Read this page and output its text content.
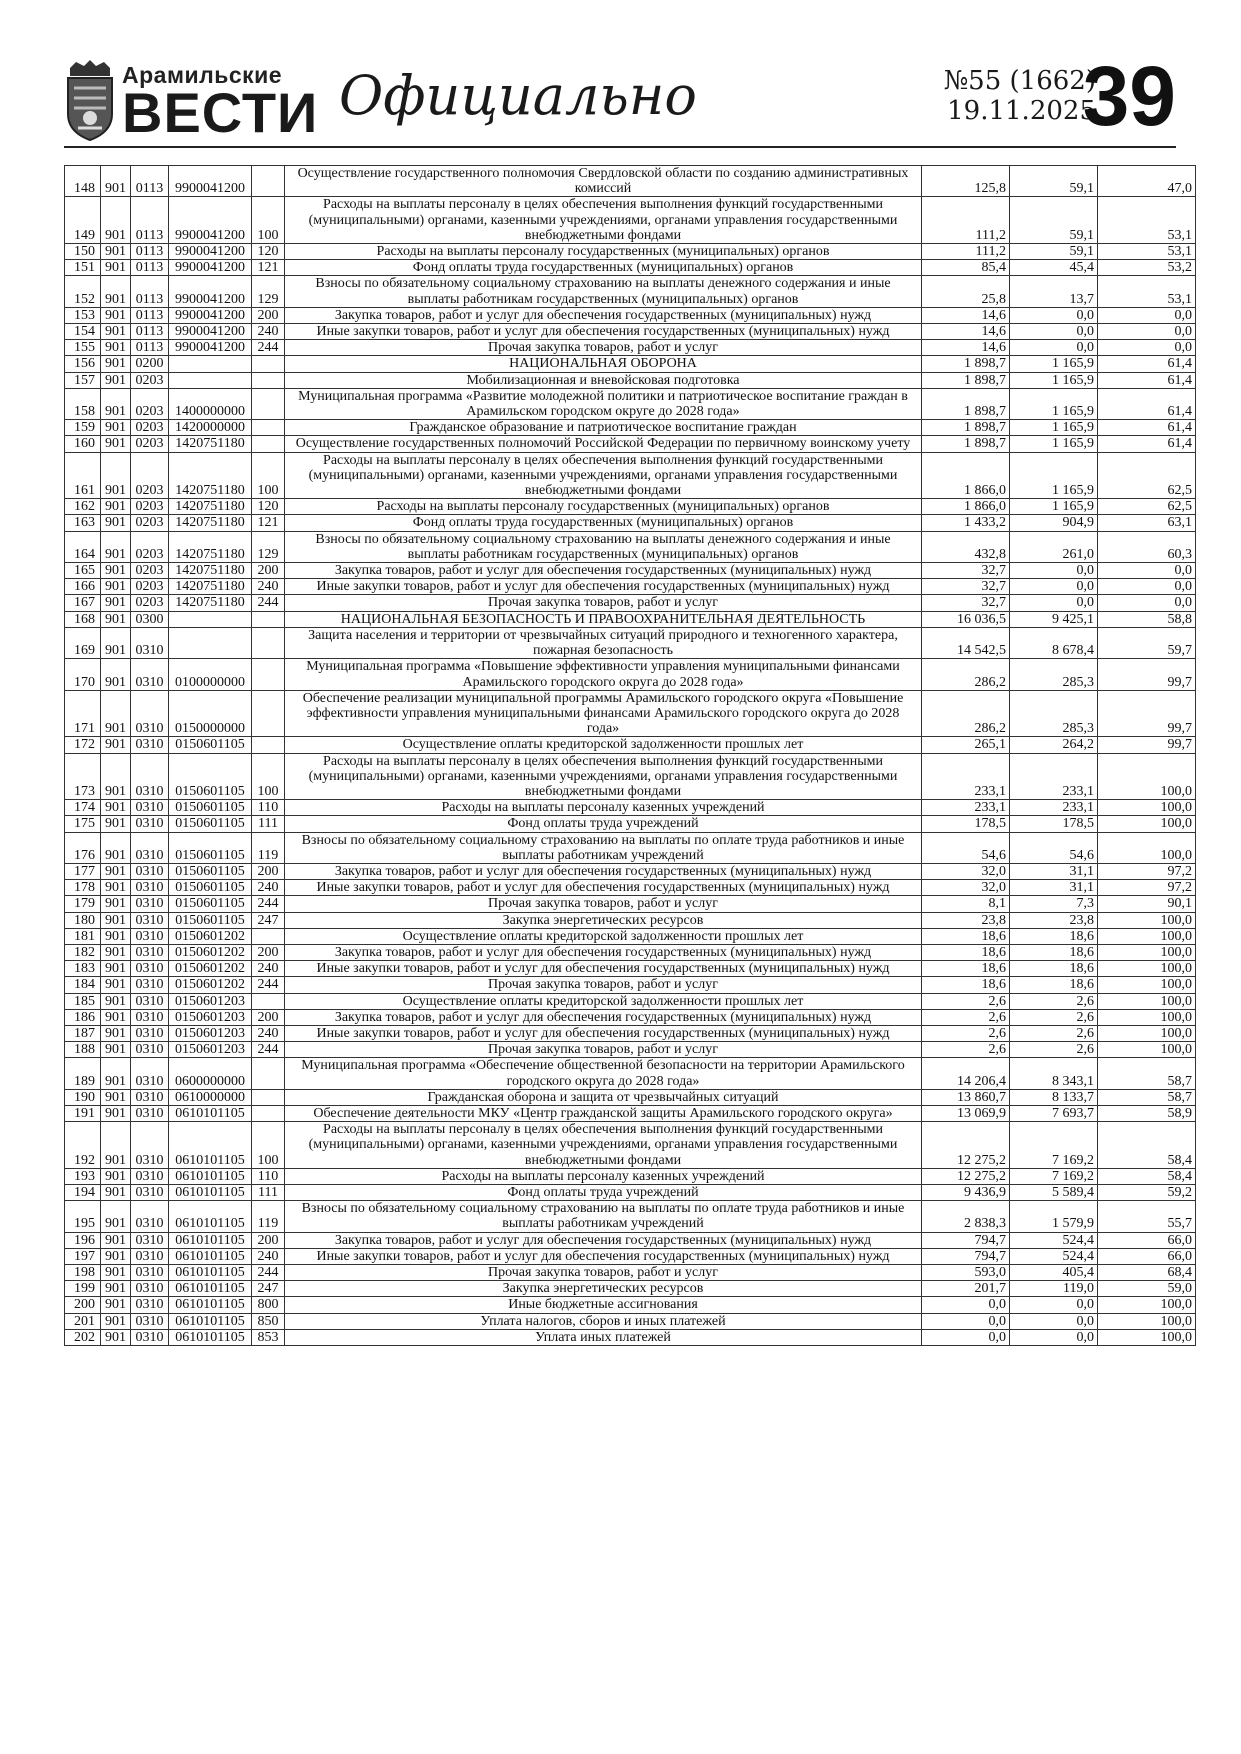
Арамильские
ВЕСТИ Официально	№55 (1662)
19.11.2025
39
148	901	0113	9900041200		Осуществление государственного полномочия Свердловской области по созданию административных комиссий	125,8	59,1	47,0
149	901	0113	9900041200	100	Расходы на выплаты персоналу в целях обеспечения выполнения функций государственными (муниципальными) органами, казенными учреждениями, органами управления государственными внебюджетными фондами	111,2	59,1	53,1
150	901	0113	9900041200	120	Расходы на выплаты персоналу государственных (муниципальных) органов	111,2	59,1	53,1
151	901	0113	9900041200	121	Фонд оплаты труда государственных (муниципальных) органов	85,4	45,4	53,2
152	901	0113	9900041200	129	Взносы по обязательному социальному страхованию на выплаты денежного содержания и иные выплаты работникам государственных (муниципальных) органов	25,8	13,7	53,1
153	901	0113	9900041200	200	Закупка товаров, работ и услуг для обеспечения государственных (муниципальных) нужд	14,6	0,0	0,0
154	901	0113	9900041200	240	Иные закупки товаров, работ и услуг для обеспечения государственных (муниципальных) нужд	14,6	0,0	0,0
155	901	0113	9900041200	244	Прочая закупка товаров, работ и услуг	14,6	0,0	0,0
156	901	0200			НАЦИОНАЛЬНАЯ ОБОРОНА	1 898,7	1 165,9	61,4
157	901	0203			Мобилизационная и вневойсковая подготовка	1 898,7	1 165,9	61,4
158	901	0203	1400000000		Муниципальная программа «Развитие молодежной политики и патриотическое воспитание граждан в Арамильском городском округе до 2028 года»	1 898,7	1 165,9	61,4
159	901	0203	1420000000		Гражданское образование и патриотическое воспитание граждан	1 898,7	1 165,9	61,4
160	901	0203	1420751180		Осуществление государственных полномочий Российской Федерации по первичному воинскому учету	1 898,7	1 165,9	61,4
161	901	0203	1420751180	100	Расходы на выплаты персоналу в целях обеспечения выполнения функций государственными (муниципальными) органами, казенными учреждениями, органами управления государственными внебюджетными фондами	1 866,0	1 165,9	62,5
162	901	0203	1420751180	120	Расходы на выплаты персоналу государственных (муниципальных) органов	1 866,0	1 165,9	62,5
163	901	0203	1420751180	121	Фонд оплаты труда государственных (муниципальных) органов	1 433,2	904,9	63,1
164	901	0203	1420751180	129	Взносы по обязательному социальному страхованию на выплаты денежного содержания и иные выплаты работникам государственных (муниципальных) органов	432,8	261,0	60,3
165	901	0203	1420751180	200	Закупка товаров, работ и услуг для обеспечения государственных (муниципальных) нужд	32,7	0,0	0,0
166	901	0203	1420751180	240	Иные закупки товаров, работ и услуг для обеспечения государственных (муниципальных) нужд	32,7	0,0	0,0
167	901	0203	1420751180	244	Прочая закупка товаров, работ и услуг	32,7	0,0	0,0
168	901	0300			НАЦИОНАЛЬНАЯ БЕЗОПАСНОСТЬ И ПРАВООХРАНИТЕЛЬНАЯ ДЕЯТЕЛЬНОСТЬ	16 036,5	9 425,1	58,8
169	901	0310			Защита населения и территории от чрезвычайных ситуаций природного и техногенного характера, пожарная безопасность	14 542,5	8 678,4	59,7
170	901	0310	0100000000		Муниципальная программа «Повышение эффективности управления муниципальными финансами Арамильского городского округа до 2028 года»	286,2	285,3	99,7
171	901	0310	0150000000		Обеспечение реализации муниципальной программы Арамильского городского округа «Повышение эффективности управления муниципальными финансами Арамильского городского округа до 2028 года»	286,2	285,3	99,7
172	901	0310	0150601105		Осуществление оплаты кредиторской задолженности прошлых лет	265,1	264,2	99,7
173	901	0310	0150601105	100	Расходы на выплаты персоналу в целях обеспечения выполнения функций государственными (муниципальными) органами, казенными учреждениями, органами управления государственными внебюджетными фондами	233,1	233,1	100,0
174	901	0310	0150601105	110	Расходы на выплаты персоналу казенных учреждений	233,1	233,1	100,0
175	901	0310	0150601105	111	Фонд оплаты труда учреждений	178,5	178,5	100,0
176	901	0310	0150601105	119	Взносы по обязательному социальному страхованию на выплаты по оплате труда работников и иные выплаты работникам учреждений	54,6	54,6	100,0
177	901	0310	0150601105	200	Закупка товаров, работ и услуг для обеспечения государственных (муниципальных) нужд	32,0	31,1	97,2
178	901	0310	0150601105	240	Иные закупки товаров, работ и услуг для обеспечения государственных (муниципальных) нужд	32,0	31,1	97,2
179	901	0310	0150601105	244	Прочая закупка товаров, работ и услуг	8,1	7,3	90,1
180	901	0310	0150601105	247	Закупка энергетических ресурсов	23,8	23,8	100,0
181	901	0310	0150601202		Осуществление оплаты кредиторской задолженности прошлых лет	18,6	18,6	100,0
182	901	0310	0150601202	200	Закупка товаров, работ и услуг для обеспечения государственных (муниципальных) нужд	18,6	18,6	100,0
183	901	0310	0150601202	240	Иные закупки товаров, работ и услуг для обеспечения государственных (муниципальных) нужд	18,6	18,6	100,0
184	901	0310	0150601202	244	Прочая закупка товаров, работ и услуг	18,6	18,6	100,0
185	901	0310	0150601203		Осуществление оплаты кредиторской задолженности прошлых лет	2,6	2,6	100,0
186	901	0310	0150601203	200	Закупка товаров, работ и услуг для обеспечения государственных (муниципальных) нужд	2,6	2,6	100,0
187	901	0310	0150601203	240	Иные закупки товаров, работ и услуг для обеспечения государственных (муниципальных) нужд	2,6	2,6	100,0
188	901	0310	0150601203	244	Прочая закупка товаров, работ и услуг	2,6	2,6	100,0
189	901	0310	0600000000		Муниципальная программа «Обеспечение общественной безопасности на территории Арамильского городского округа до 2028 года»	14 206,4	8 343,1	58,7
190	901	0310	0610000000		Гражданская оборона и защита от чрезвычайных ситуаций	13 860,7	8 133,7	58,7
191	901	0310	0610101105		Обеспечение деятельности МКУ «Центр гражданской защиты Арамильского городского округа»	13 069,9	7 693,7	58,9
192	901	0310	0610101105	100	Расходы на выплаты персоналу в целях обеспечения выполнения функций государственными (муниципальными) органами, казенными учреждениями, органами управления государственными внебюджетными фондами	12 275,2	7 169,2	58,4
193	901	0310	0610101105	110	Расходы на выплаты персоналу казенных учреждений	12 275,2	7 169,2	58,4
194	901	0310	0610101105	111	Фонд оплаты труда учреждений	9 436,9	5 589,4	59,2
195	901	0310	0610101105	119	Взносы по обязательному социальному страхованию на выплаты по оплате труда работников и иные выплаты работникам учреждений	2 838,3	1 579,9	55,7
196	901	0310	0610101105	200	Закупка товаров, работ и услуг для обеспечения государственных (муниципальных) нужд	794,7	524,4	66,0
197	901	0310	0610101105	240	Иные закупки товаров, работ и услуг для обеспечения государственных (муниципальных) нужд	794,7	524,4	66,0
198	901	0310	0610101105	244	Прочая закупка товаров, работ и услуг	593,0	405,4	68,4
199	901	0310	0610101105	247	Закупка энергетических ресурсов	201,7	119,0	59,0
200	901	0310	0610101105	800	Иные бюджетные ассигнования	0,0	0,0	100,0
201	901	0310	0610101105	850	Уплата налогов, сборов и иных платежей	0,0	0,0	100,0
202	901	0310	0610101105	853	Уплата иных платежей	0,0	0,0	100,0
